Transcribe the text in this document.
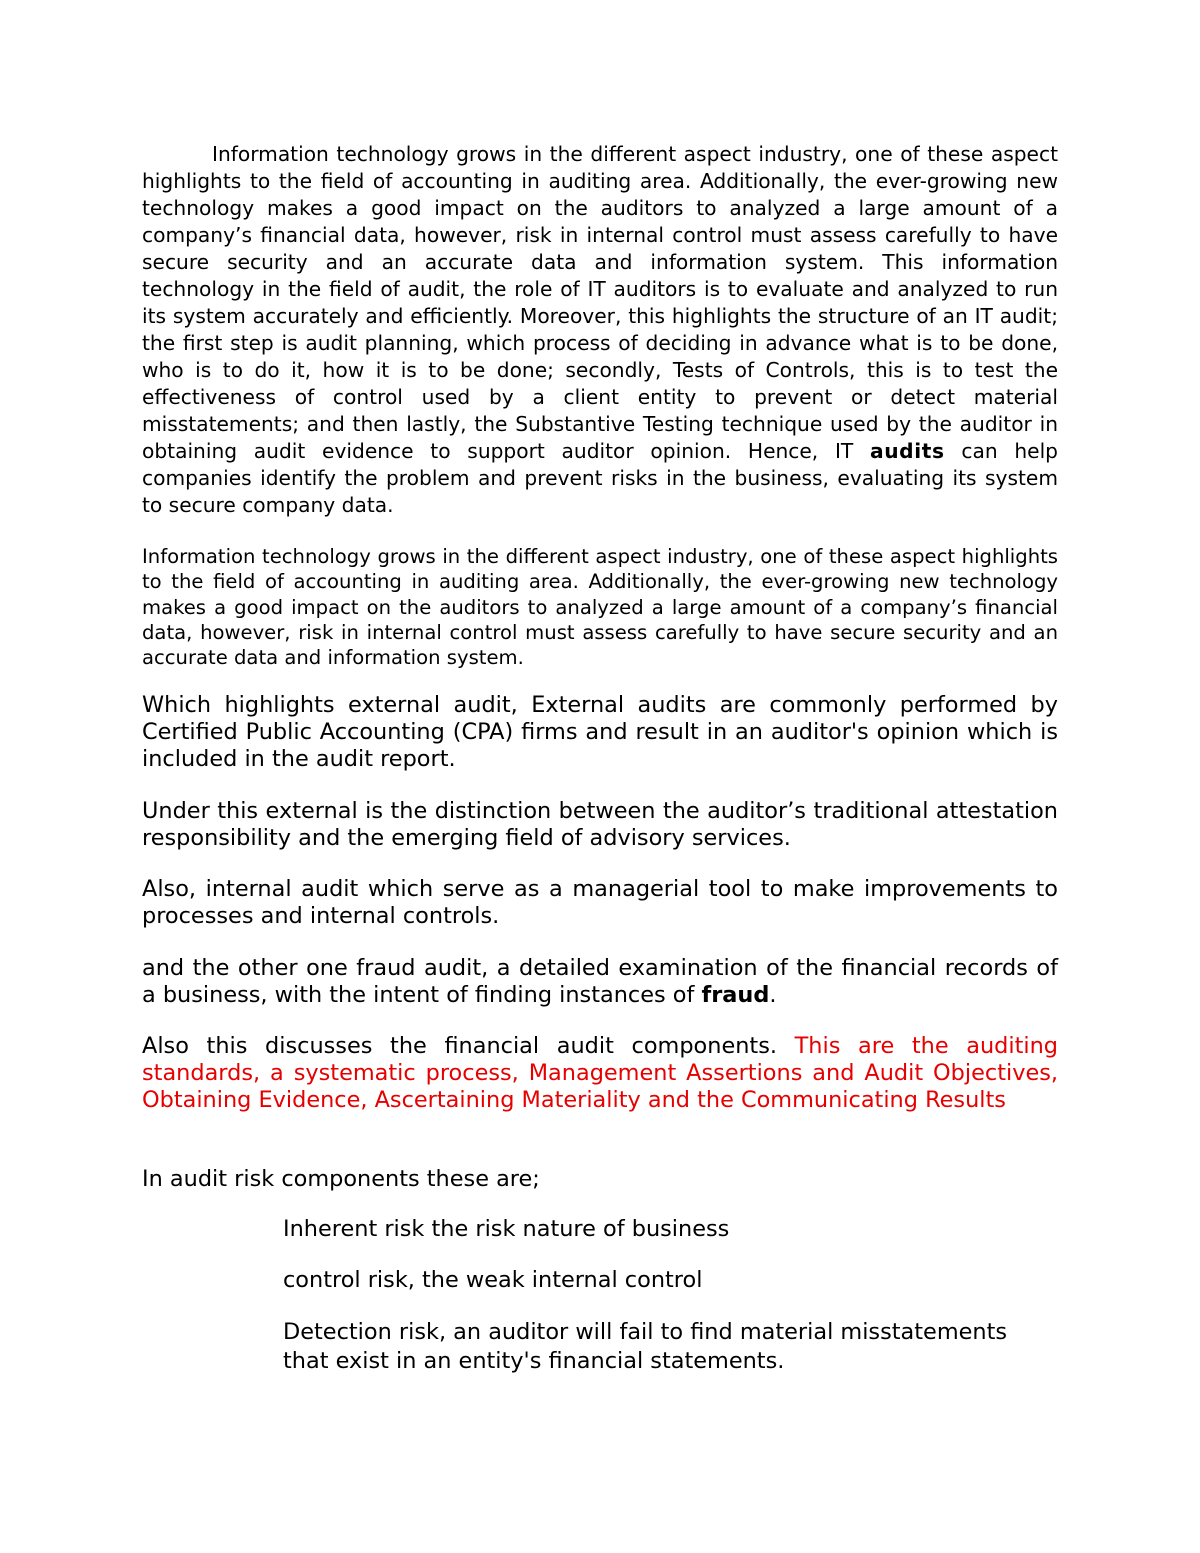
Information technology grows in the different aspect industry, one of these aspect highlights to the field of accounting in auditing area. Additionally, the ever-growing new technology makes a good impact on the auditors to analyzed a large amount of a company’s financial data, however, risk in internal control must assess carefully to have secure security and an accurate data and information system. This information technology in the field of audit, the role of IT auditors is to evaluate and analyzed to run its system accurately and efficiently. Moreover, this highlights the structure of an IT audit; the first step is audit planning, which process of deciding in advance what is to be done, who is to do it, how it is to be done; secondly, Tests of Controls, this is to test the effectiveness of control used by a client entity to prevent or detect material misstatements; and then lastly, the Substantive Testing technique used by the auditor in obtaining audit evidence to support auditor opinion. Hence, IT audits can help companies identify the problem and prevent risks in the business, evaluating its system to secure company data.

Information technology grows in the different aspect industry, one of these aspect highlights to the field of accounting in auditing area. Additionally, the ever-growing new technology makes a good impact on the auditors to analyzed a large amount of a company’s financial data, however, risk in internal control must assess carefully to have secure security and an accurate data and information system.

Which highlights external audit, External audits are commonly performed by Certified Public Accounting (CPA) firms and result in an auditor's opinion which is included in the audit report.

Under this external is the distinction between the auditor’s traditional attestation responsibility and the emerging field of advisory services.

Also, internal audit which serve as a managerial tool to make improvements to processes and internal controls.

and the other one fraud audit, a detailed examination of the financial records of a business, with the intent of finding instances of fraud.

Also this discusses the financial audit components. This are the auditing standards, a systematic process, Management Assertions and Audit Objectives, Obtaining Evidence, Ascertaining Materiality and the Communicating Results

In audit risk components these are;

Inherent risk the risk nature of business

control risk, the weak internal control

Detection risk, an auditor will fail to find material misstatements that exist in an entity's financial statements.
